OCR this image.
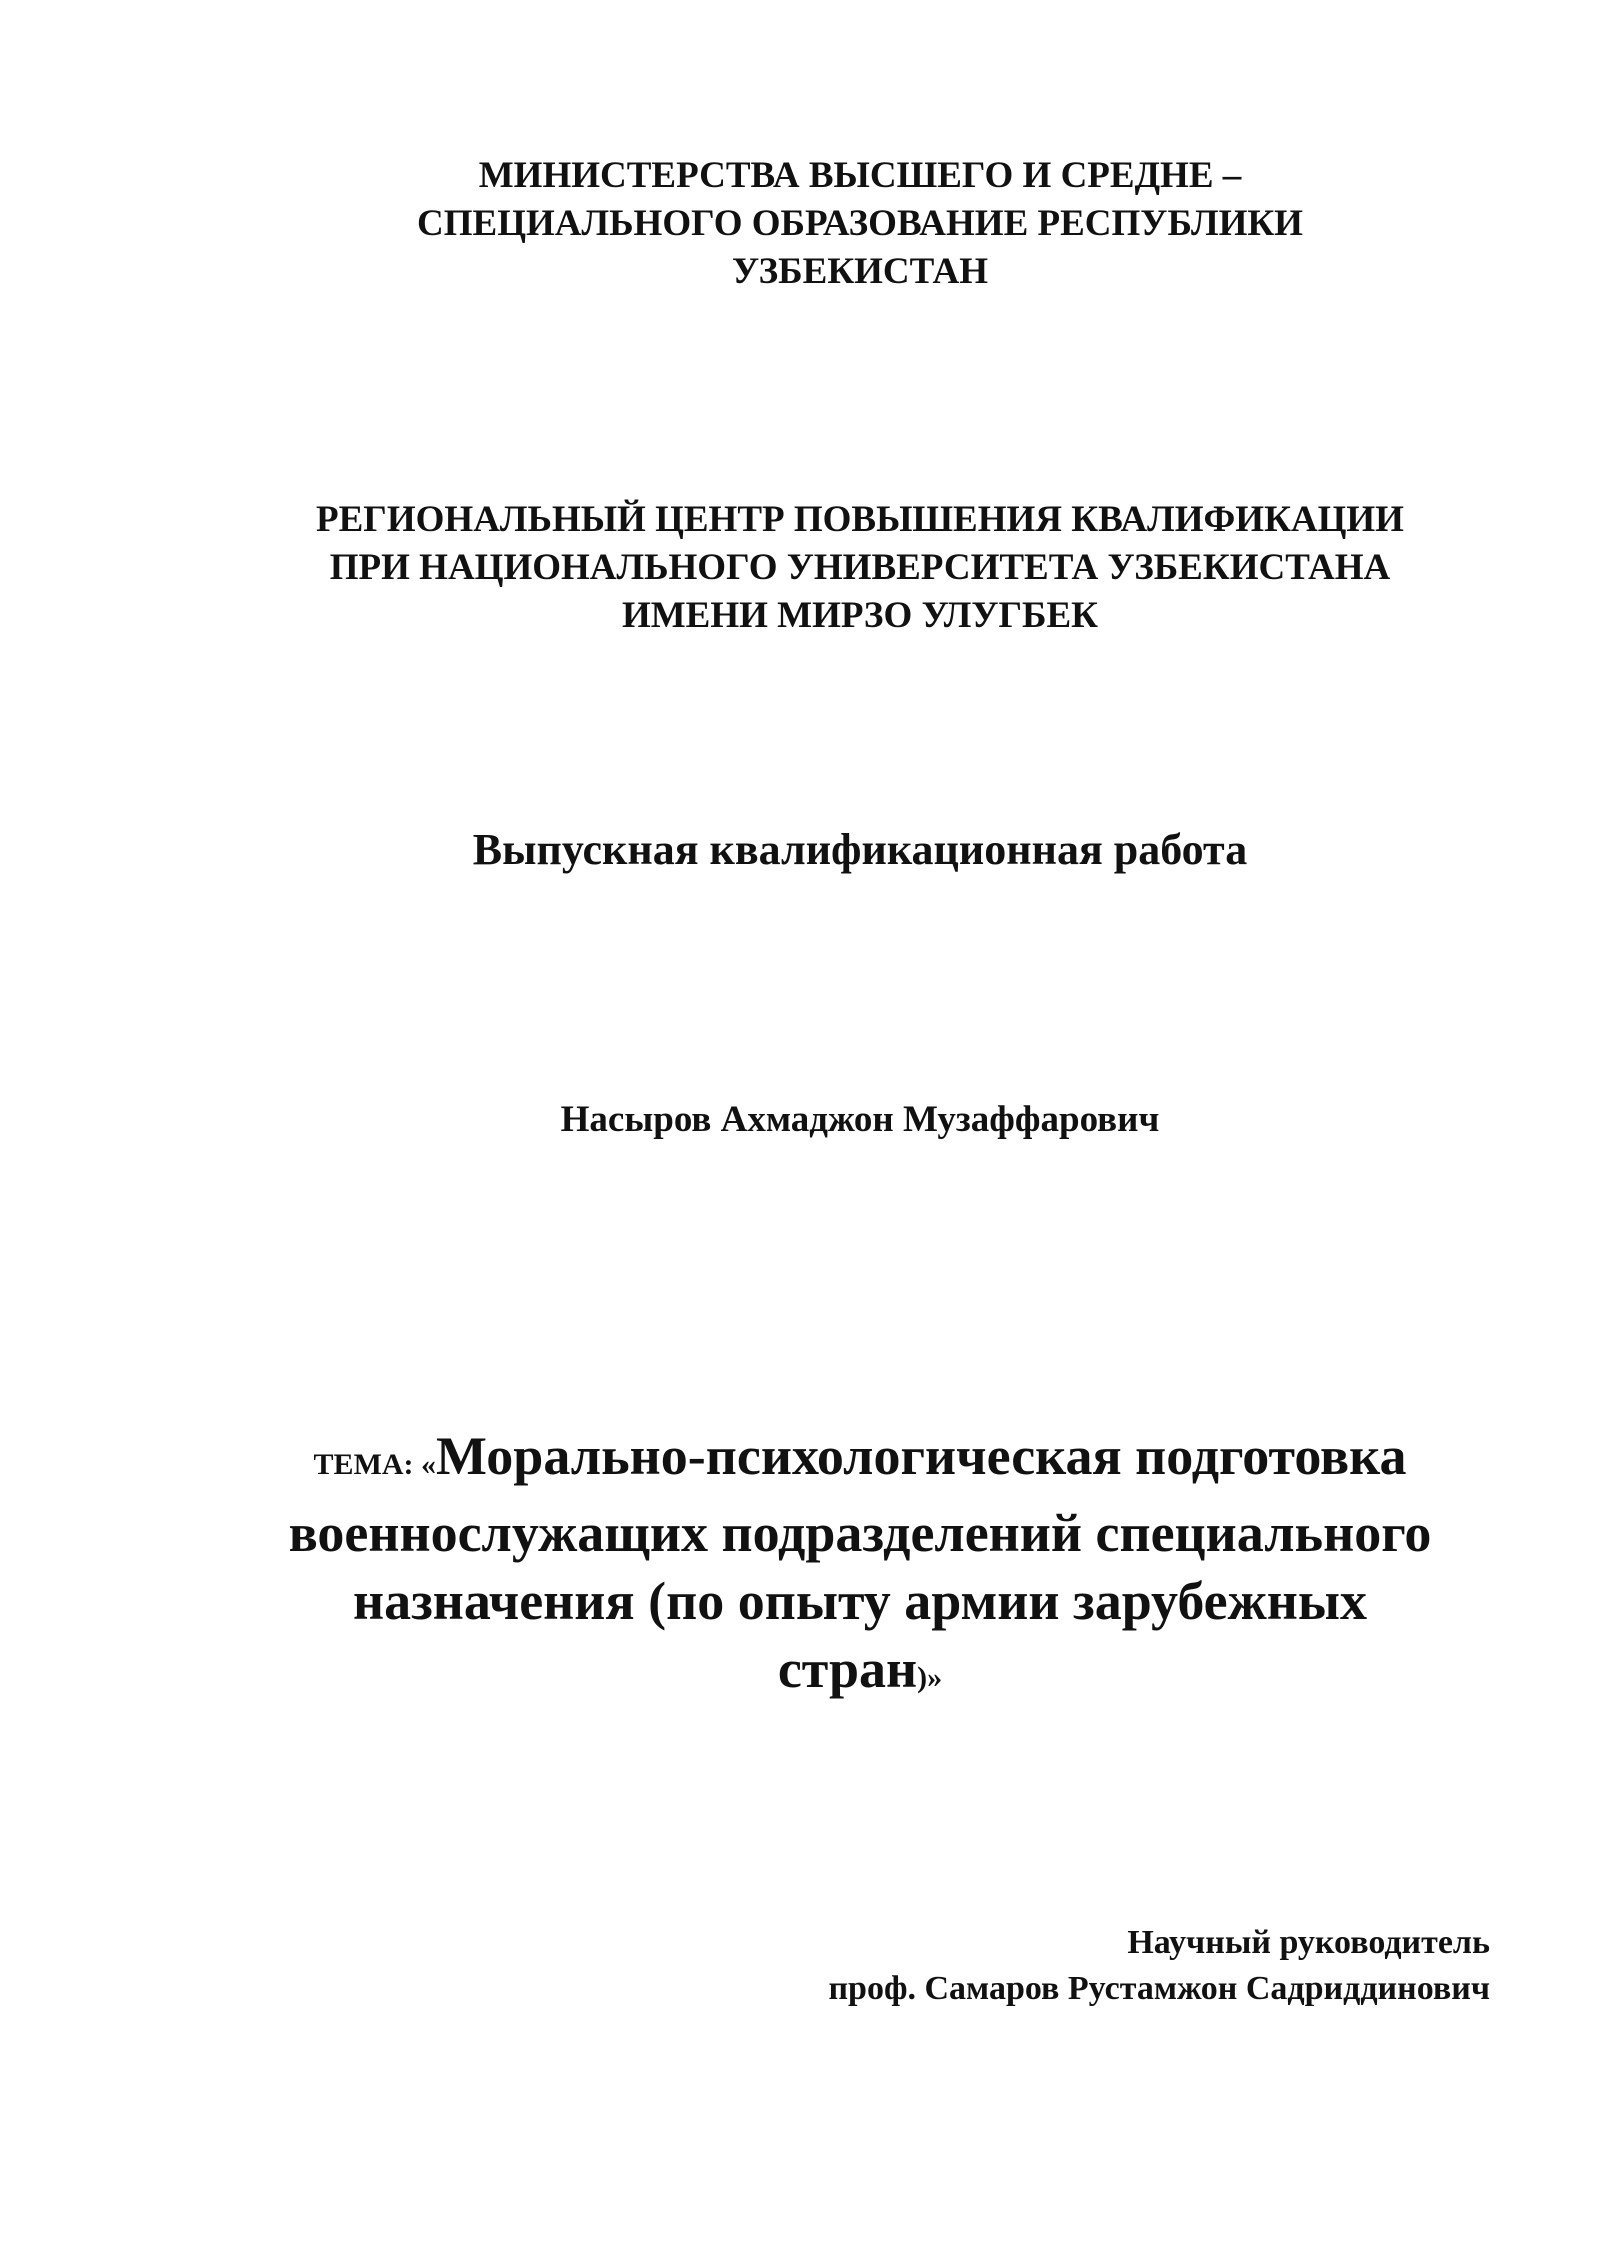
МИНИСТЕРСТВА ВЫСШЕГО И СРЕДНЕ –
СПЕЦИАЛЬНОГО ОБРАЗОВАНИЕ РЕСПУБЛИКИ
УЗБЕКИСТАН
РЕГИОНАЛЬНЫЙ ЦЕНТР ПОВЫШЕНИЯ КВАЛИФИКАЦИИ
ПРИ НАЦИОНАЛЬНОГО УНИВЕРСИТЕТА УЗБЕКИСТАНА
ИМЕНИ МИРЗО УЛУГБЕК
Выпускная квалификационная работа
Насыров Ахмаджон Музаффарович
ТЕМА: «Морально-психологическая подготовка
военнослужащих подразделений специального
назначения (по опыту армии зарубежных
стран)»
Научный руководитель
проф. Самаров Рустамжон Садриддинович
